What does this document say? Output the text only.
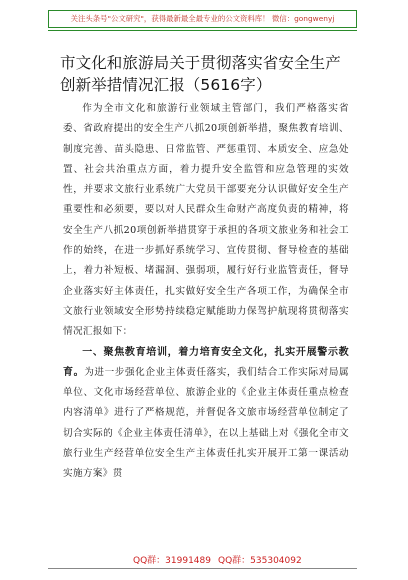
关注头条号"公文研究"，获得最新最全最专业的公文资料库！ 微信：gongwenyj
市文化和旅游局关于贯彻落实省安全生产
创新举措情况汇报（5616字）

作为全市文化和旅游行业领域主管部门，我们严格落实省委、省政府提出的安全生产八抓20项创新举措，聚焦教育培训、制度完善、苗头隐患、日常监管、严惩重罚、本质安全、应急处置、社会共治重点方面，着力提升安全监管和应急管理的实效性，并要求文旅行业系统广大党员干部要充分认识做好安全生产重要性和必须要，要以对人民群众生命财产高度负责的精神，将安全生产八抓20项创新举措贯穿于承担的各项文旅业务和社会工作的始终，在进一步抓好系统学习、宣传贯彻、督导检查的基础上，着力补短板、堵漏洞、强弱项，履行好行业监管责任，督导企业落实好主体责任，扎实做好安全生产各项工作，为确保全市文旅行业领域安全形势持续稳定赋能助力保驾护航现将贯彻落实情况汇报如下：

一、聚焦教育培训，着力培育安全文化，扎实开展警示教育。为进一步强化企业主体责任落实，我们结合工作实际对局属单位、文化市场经营单位、旅游企业的《企业主体责任重点检查内容清单》进行了严格规范，并督促各文旅市场经营单位制定了切合实际的《企业主体责任清单》，在以上基础上对《强化全市文旅行业生产经营单位安全生产主体责任扎实开展开工第一课活动实施方案》贯

QQ群：31991489 QQ群：535304092
